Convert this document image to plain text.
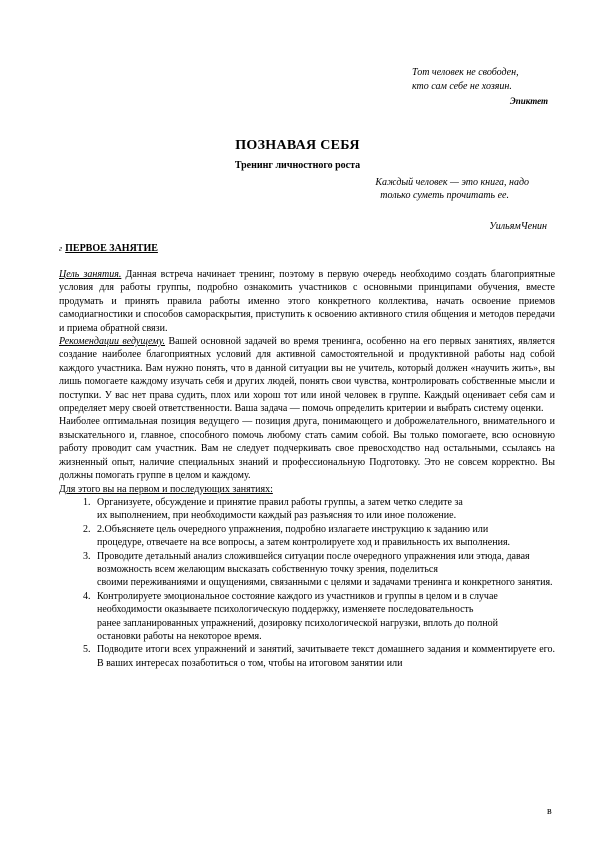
Тот человек не свободен,
кто сам себе не хозяин.
Эпиктет
ПОЗНАВАЯ СЕБЯ
Тренинг личностного роста
Каждый человек — это книга, надо
только суметь прочитать ее.
УильямЧенин
г ПЕРВОЕ ЗАНЯТИЕ

Цель занятия. Данная встреча начинает тренинг, поэтому в первую очередь необходимо создать благоприятные условия для работы группы, подробно ознакомить участников с основными принципами обучения, вместе продумать и принять правила работы именно этого конкретного коллектива, начать освоение приемов самодиагностики и способов самораскрытия, приступить к освоению активного стиля общения и методов передачи и приема обратной связи.

Рекомендации ведущему. Вашей основной задачей во время тренинга, особенно на его первых занятиях, является создание наиболее благоприятных условий для активной самостоятельной и продуктивной работы над собой каждого участника. Вам нужно понять, что в данной ситуации вы не учитель, который должен «научить жить», вы лишь помогаете каждому изучать себя и других людей, понять свои чувства, контролировать собственные мысли и поступки. У вас нет права судить, плох или хорош тот или иной человек в группе. Каждый оценивает себя сам и определяет меру своей ответственности. Ваша задача — помочь определить критерии и выбрать систему оценки.

Наиболее оптимальная позиция ведущего — позиция друга, понимающего и доброжелательного, внимательного и взыскательного и, главное, способного помочь любому стать самим собой. Вы только помогаете, всю основную работу проводит сам участник. Вам не следует подчеркивать свое превосходство над остальными, ссылаясь на жизненный опыт, наличие специальных знаний и профессиональную Подготовку. Это не совсем корректно. Вы должны помогать группе в целом и каждому.

Для этого вы на первом и последующих занятиях:

1. Организуете, обсуждение и принятие правил работы группы, а затем четко следите за
их выполнением, при необходимости каждый раз разъясняя то или иное положение.
2. 2.Объясняете цель очередного упражнения, подробно излагаете инструкцию к заданию или
процедуре, отвечаете на все вопросы, а затем контролируете ход и правильность их выполнения.
3. Проводите детальный анализ сложившейся ситуации после очередного упражнения или этюда, давая возможность всем желающим высказать собственную точку зрения, поделиться
своими переживаниями и ощущениями, связанными с целями и задачами тренинга и конкретного занятия.
4. Контролируете эмоциональное состояние каждого из участников и группы в целом и в случае необходимости оказываете психологическую поддержку, изменяете последовательность
ранее запланированных упражнений, дозировку психологической нагрузки, вплоть до полной
остановки работы на некоторое время.
5. Подводите итоги всех упражнений и занятий, зачитываете текст домашнего задания и комментируете его. В ваших интересах позаботиться о том, чтобы на итоговом занятии или
в
